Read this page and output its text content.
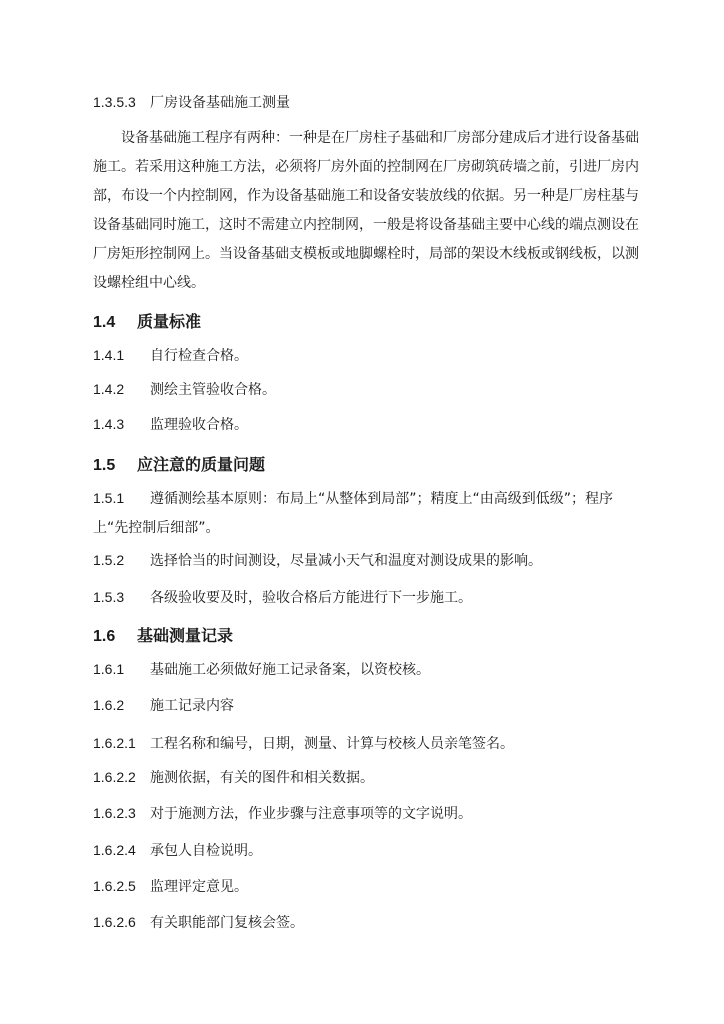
1.3.5.3 厂房设备基础施工测量
设备基础施工程序有两种：一种是在厂房柱子基础和厂房部分建成后才进行设备基础施工。若采用这种施工方法，必须将厂房外面的控制网在厂房砌筑砖墙之前，引进厂房内部，布设一个内控制网，作为设备基础施工和设备安装放线的依据。另一种是厂房柱基与设备基础同时施工，这时不需建立内控制网，一般是将设备基础主要中心线的端点测设在厂房矩形控制网上。当设备基础支模板或地脚螺栓时，局部的架设木线板或钢线板，以测设螺栓组中心线。
1.4 质量标准
1.4.1 自行检查合格。
1.4.2 测绘主管验收合格。
1.4.3 监理验收合格。
1.5 应注意的质量问题
1.5.1 遵循测绘基本原则：布局上“从整体到局部”；精度上“由高级到低级”；程序上“先控制后细部”。
1.5.2 选择恰当的时间测设，尽量减小天气和温度对测设成果的影响。
1.5.3 各级验收要及时，验收合格后方能进行下一步施工。
1.6 基础测量记录
1.6.1 基础施工必须做好施工记录备案，以资校核。
1.6.2 施工记录内容
1.6.2.1 工程名称和编号，日期，测量、计算与校核人员亲笔签名。
1.6.2.2 施测依据，有关的图件和相关数据。
1.6.2.3 对于施测方法，作业步骤与注意事项等的文字说明。
1.6.2.4 承包人自检说明。
1.6.2.5 监理评定意见。
1.6.2.6 有关职能部门复核会签。
